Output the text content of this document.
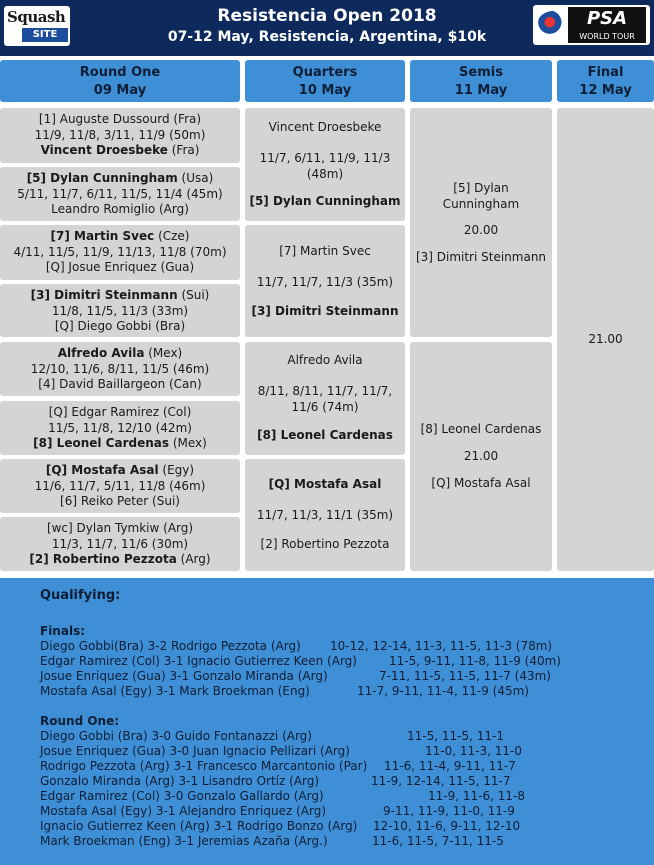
Squash
SITE
Resistencia Open 2018
07-12 May, Resistencia, Argentina, $10k
PSA
WORLD TOUR
Round One
09 May
Quarters
10 May
Semis
11 May
Final
12 May
[1] Auguste Dussourd (Fra)
11/9, 11/8, 3/11, 11/9 (50m)
Vincent Droesbeke (Fra)
[5] Dylan Cunningham (Usa)
5/11, 11/7, 6/11, 11/5, 11/4 (45m)
Leandro Romiglio (Arg)
[7] Martin Svec (Cze)
4/11, 11/5, 11/9, 11/13, 11/8 (70m)
[Q] Josue Enriquez (Gua)
[3] Dimitri Steinmann (Sui)
11/8, 11/5, 11/3 (33m)
[Q] Diego Gobbi (Bra)
Alfredo Avila (Mex)
12/10, 11/6, 8/11, 11/5 (46m)
[4] David Baillargeon (Can)
[Q] Edgar Ramirez (Col)
11/5, 11/8, 12/10 (42m)
[8] Leonel Cardenas (Mex)
[Q] Mostafa Asal (Egy)
11/6, 11/7, 5/11, 11/8 (46m)
[6] Reiko Peter (Sui)
[wc] Dylan Tymkiw (Arg)
11/3, 11/7, 11/6 (30m)
[2] Robertino Pezzota (Arg)
Vincent Droesbeke
11/7, 6/11, 11/9, 11/3 (48m)
[5] Dylan Cunningham
[7] Martin Svec
11/7, 11/7, 11/3 (35m)
[3] Dimitri Steinmann
Alfredo Avila
8/11, 8/11, 11/7, 11/7, 11/6 (74m)
[8] Leonel Cardenas
[Q] Mostafa Asal
11/7, 11/3, 11/1 (35m)
[2] Robertino Pezzota
[5] Dylan Cunningham
20.00
[3] Dimitri Steinmann
[8] Leonel Cardenas
21.00
[Q] Mostafa Asal
21.00
Qualifying:
Finals:
Diego Gobbi(Bra) 3-2 Rodrigo Pezzota (Arg) 10-12, 12-14, 11-3, 11-5, 11-3 (78m)
Edgar Ramirez (Col) 3-1 Ignacio Gutierrez Keen (Arg)	11-5, 9-11, 11-8, 11-9 (40m)
Josue Enriquez (Gua) 3-1 Gonzalo Miranda (Arg)	7-11, 11-5, 11-5, 11-7 (43m)
Mostafa Asal (Egy) 3-1 Mark Broekman (Eng)	11-7, 9-11, 11-4, 11-9 (45m)
Round One:
Diego Gobbi (Bra) 3-0 Guido Fontanazzi (Arg)	11-5, 11-5, 11-1
Josue Enriquez (Gua) 3-0 Juan Ignacio Pellizari (Arg)	11-0, 11-3, 11-0
Rodrigo Pezzota (Arg) 3-1 Francesco Marcantonio (Par) 11-6, 11-4, 9-11, 11-7
Gonzalo Miranda (Arg) 3-1 Lisandro Ortíz (Arg)	11-9, 12-14, 11-5, 11-7
Edgar Ramirez (Col) 3-0 Gonzalo Gallardo (Arg)	11-9, 11-6, 11-8
Mostafa Asal (Egy) 3-1 Alejandro Enriquez (Arg)	9-11, 11-9, 11-0, 11-9
Ignacio Gutierrez Keen (Arg) 3-1 Rodrigo Bonzo (Arg) 12-10, 11-6, 9-11, 12-10
Mark Broekman (Eng) 3-1 Jeremias Azaña (Arg.)	11-6, 11-5, 7-11, 11-5
